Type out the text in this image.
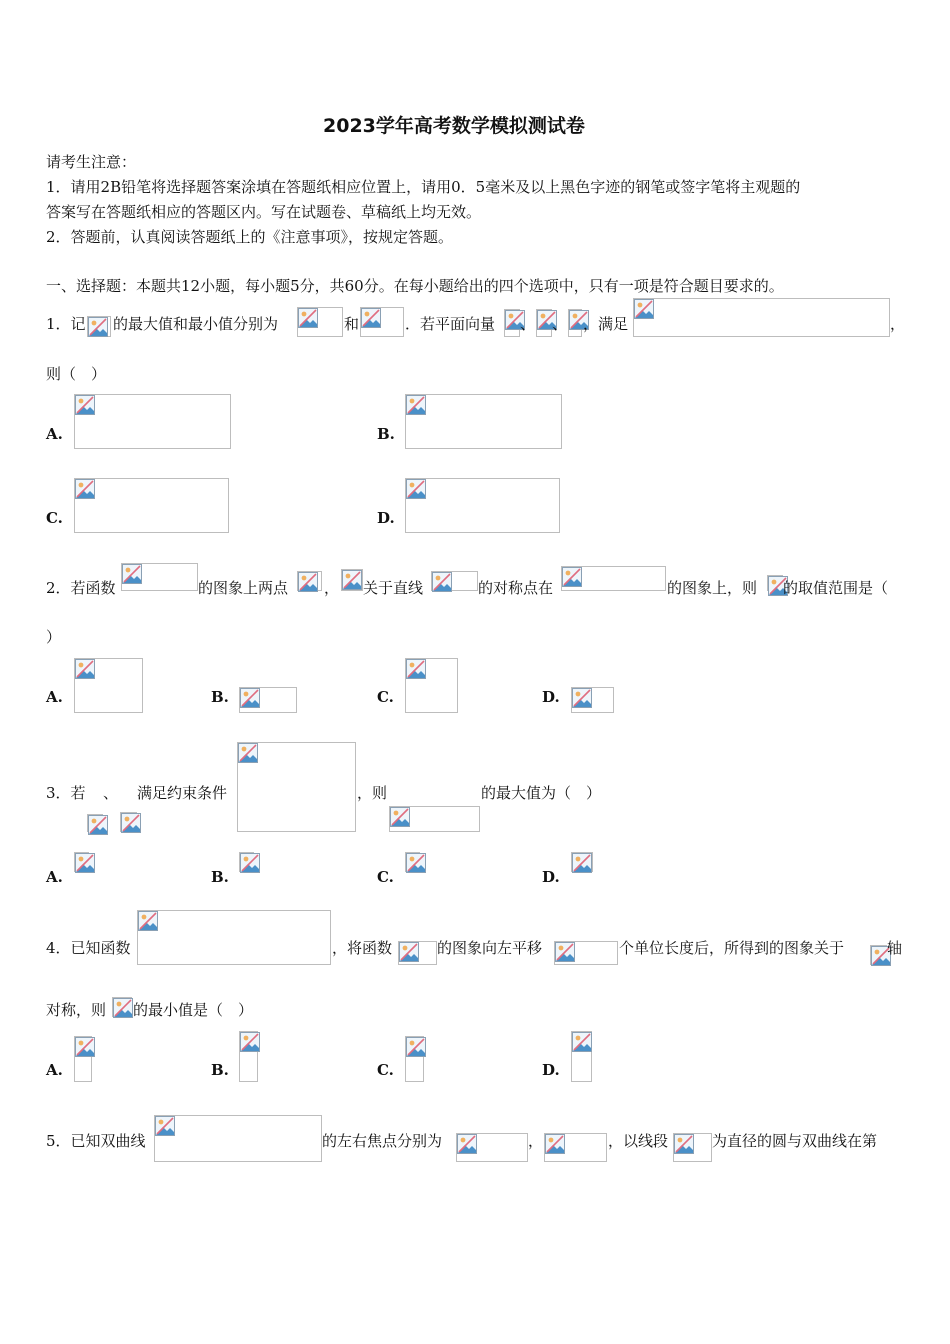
2023学年高考数学模拟测试卷
请考生注意：
1．请用2B铅笔将选择题答案涂填在答题纸相应位置上，请用0．5毫米及以上黑色字迹的钢笔或签字笔将主观题的
答案写在答题纸相应的答题区内。写在试题卷、草稿纸上均无效。
2．答题前，认真阅读答题纸上的《注意事项》，按规定答题。
一、选择题：本题共12小题，每小题5分，共60分。在每小题给出的四个选项中，只有一项是符合题目要求的。
1．记 的最大值和最小值分别为	和	．若平面向量 、 、 ，满足	，
则（　）
A.	B.
C.	D.
2．若函数	的图象上两点 ， 关于直线	的对称点在	的图象上，则 的取值范围是（
）
A.	B.	C.	D.
3．若 、 满足约束条件	，则	的最大值为（　）
A.	B.	C.	D.
4．已知函数	，将函数	的图象向左平移	个单位长度后，所得到的图象关于	轴
对称，则 的最小值是（　）
A.	B.	C.	D.
5．已知双曲线	的左右焦点分别为	，	，以线段	为直径的圆与双曲线在第
